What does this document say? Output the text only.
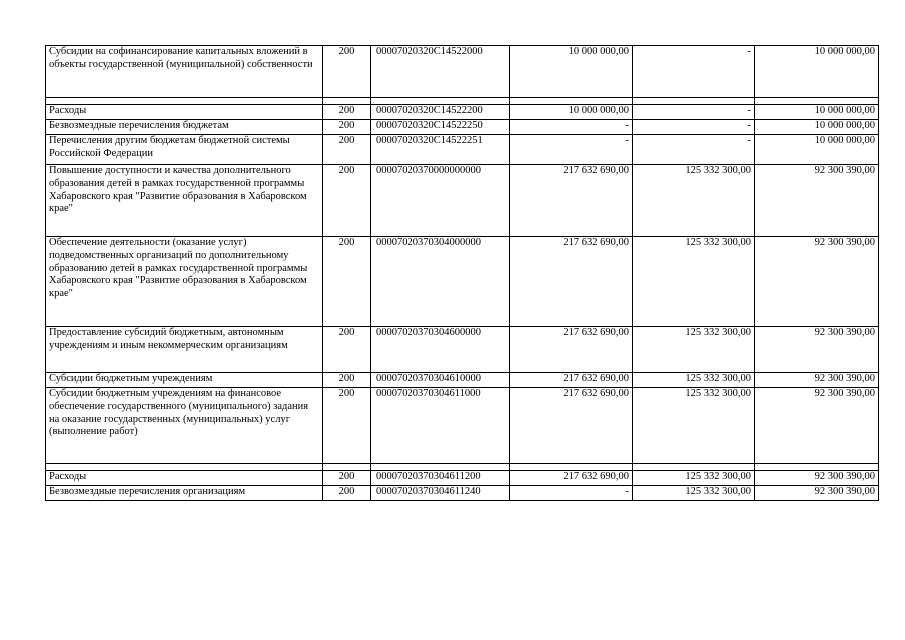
Субсидии на софинансирование капитальных вложений в объекты государственной (муниципальной) собственности	200	00007020320C14522000	10 000 000,00	-	10 000 000,00

Расходы	200	00007020320C14522200	10 000 000,00	-	10 000 000,00
Безвозмездные перечисления бюджетам	200	00007020320C14522250	-	-	10 000 000,00
Перечисления другим бюджетам бюджетной системы Российской Федерации	200	00007020320C14522251	-	-	10 000 000,00
Повышение доступности и качества дополнительного образования детей в рамках государственной программы Хабаровского края "Развитие образования в Хабаровском крае"	200	00007020370000000000	217 632 690,00	125 332 300,00	92 300 390,00
Обеспечение деятельности (оказание услуг) подведомственных организаций по дополнительному образованию детей в рамках государственной программы Хабаровского края "Развитие образования в Хабаровском крае"	200	00007020370304000000	217 632 690,00	125 332 300,00	92 300 390,00
Предоставление субсидий бюджетным, автономным учреждениям и иным некоммерческим организациям	200	00007020370304600000	217 632 690,00	125 332 300,00	92 300 390,00
Субсидии бюджетным учреждениям	200	00007020370304610000	217 632 690,00	125 332 300,00	92 300 390,00
Субсидии бюджетным учреждениям на финансовое обеспечение государственного (муниципального) задания на оказание государственных (муниципальных) услуг (выполнение работ)	200	00007020370304611000	217 632 690,00	125 332 300,00	92 300 390,00

Расходы	200	00007020370304611200	217 632 690,00	125 332 300,00	92 300 390,00
Безвозмездные перечисления организациям	200	00007020370304611240	-	125 332 300,00	92 300 390,00
